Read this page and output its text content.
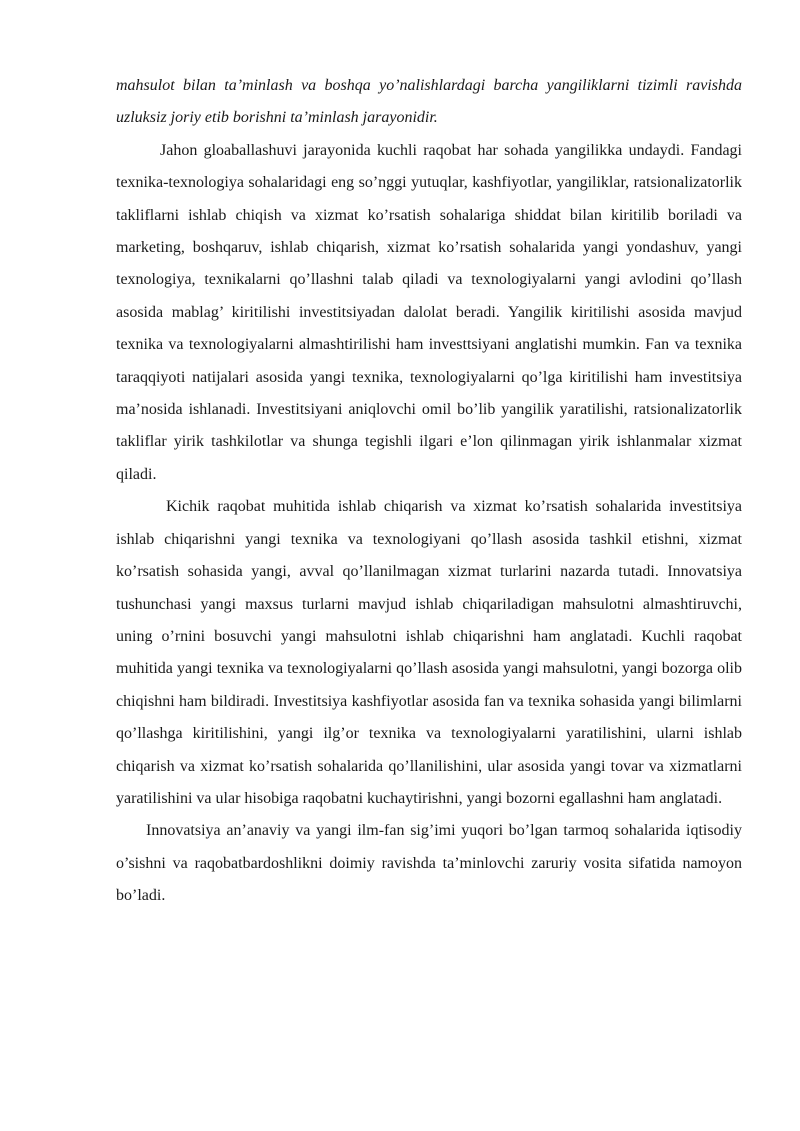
mahsulot bilan ta’minlash va boshqa yo’nalishlardagi barcha yangiliklarni tizimli ravishda uzluksiz joriy etib borishni ta’minlash jarayonidir.

Jahon gloaballashuvi jarayonida kuchli raqobat har sohada yangilikka undaydi. Fandagi texnika-texnologiya sohalaridagi eng so’nggi yutuqlar, kashfiyotlar, yangiliklar, ratsionalizatorlik takliflarni ishlab chiqish va xizmat ko’rsatish sohalariga shiddat bilan kiritilib boriladi va marketing, boshqaruv, ishlab chiqarish, xizmat ko’rsatish sohalarida yangi yondashuv, yangi texnologiya, texnikalarni qo’llashni talab qiladi va texnologiyalarni yangi avlodini qo’llash asosida mablag’ kiritilishi investitsiyadan dalolat beradi. Yangilik kiritilishi asosida mavjud texnika va texnologiyalarni almashtirilishi ham investtsiyani anglatishi mumkin. Fan va texnika taraqqiyoti natijalari asosida yangi texnika, texnologiyalarni qo’lga kiritilishi ham investitsiya ma’nosida ishlanadi. Investitsiyani aniqlovchi omil bo’lib yangilik yaratilishi, ratsionalizatorlik takliflar yirik tashkilotlar va shunga tegishli ilgari e’lon qilinmagan yirik ishlanmalar xizmat qiladi.

Kichik raqobat muhitida ishlab chiqarish va xizmat ko’rsatish sohalarida investitsiya ishlab chiqarishni yangi texnika va texnologiyani qo’llash asosida tashkil etishni, xizmat ko’rsatish sohasida yangi, avval qo’llanilmagan xizmat turlarini nazarda tutadi. Innovatsiya tushunchasi yangi maxsus turlarni mavjud ishlab chiqariladigan mahsulotni almashtiruvchi, uning o’rnini bosuvchi yangi mahsulotni ishlab chiqarishni ham anglatadi. Kuchli raqobat muhitida yangi texnika va texnologiyalarni qo’llash asosida yangi mahsulotni, yangi bozorga olib chiqishni ham bildiradi. Investitsiya kashfiyotlar asosida fan va texnika sohasida yangi bilimlarni qo’llashga kiritilishini, yangi ilg’or texnika va texnologiyalarni yaratilishini, ularni ishlab chiqarish va xizmat ko’rsatish sohalarida qo’llanilishini, ular asosida yangi tovar va xizmatlarni yaratilishini va ular hisobiga raqobatni kuchaytirishni, yangi bozorni egallashni ham anglatadi.

Innovatsiya an’anaviy va yangi ilm-fan sig’imi yuqori bo’lgan tarmoq sohalarida iqtisodiy o’sishni va raqobatbardoshlikni doimiy ravishda ta’minlovchi zaruriy vosita sifatida namoyon bo’ladi.
